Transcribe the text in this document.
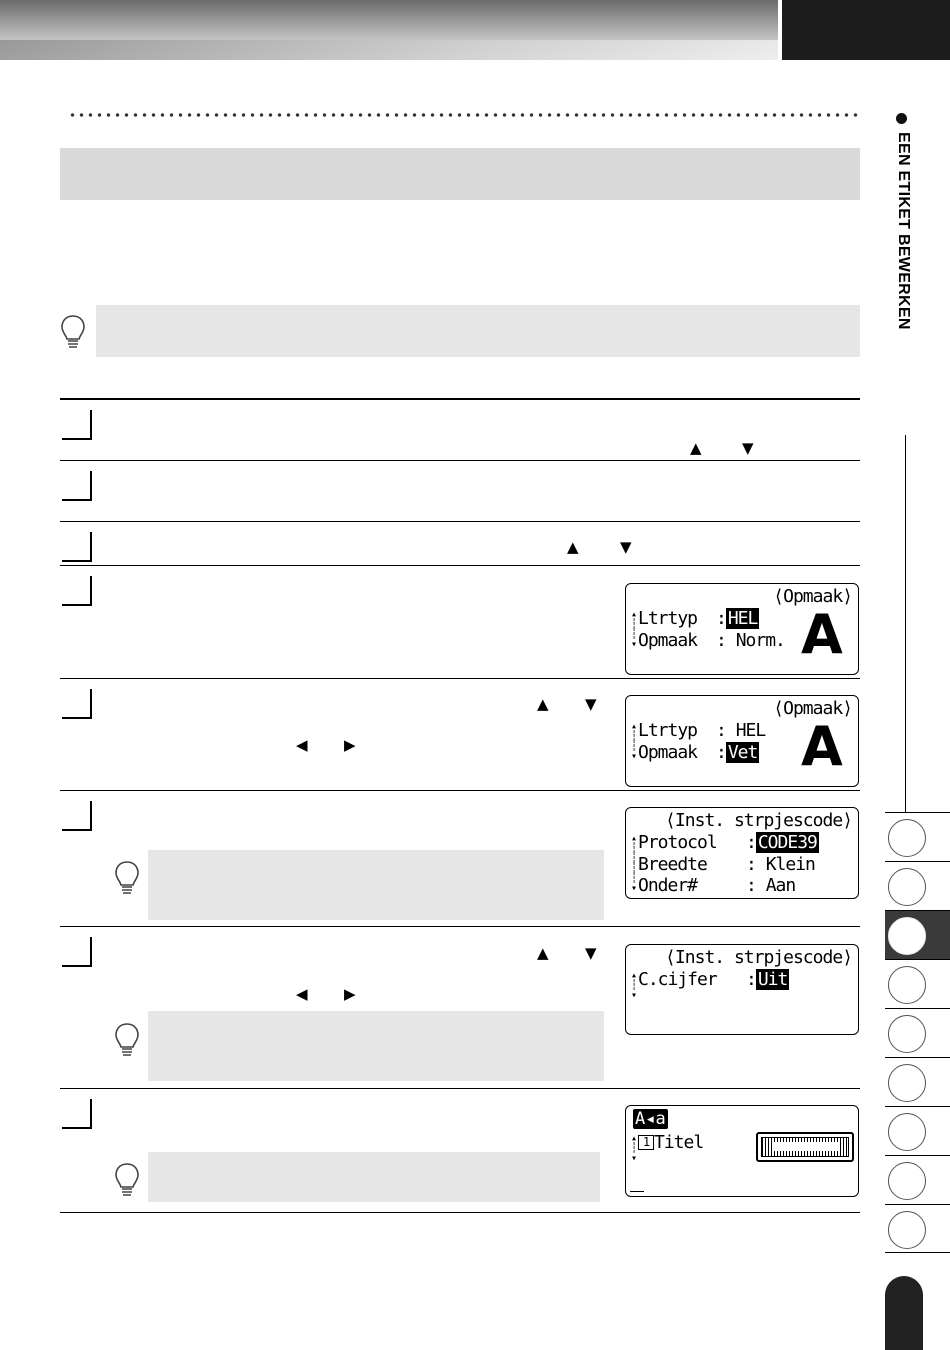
▲	▼
▲	▼
▲ ▼
◀ ▶
▲ ▼
◀ ▶
⟨Opmaak⟩
▴
┆
┆
▾
Ltrtyp : HEL
Opmaak : Norm. A
⟨Opmaak⟩
▴
┆
┆
▾
Ltrtyp : HEL
Opmaak : Vet A
⟨Inst. strpjescode⟩
▴
┆
┆
┆
┆
▾
Protocol : CODE39
Breedte : Klein
Onder#	: Aan
⟨Inst. strpjescode⟩
▴
┆
▾
C.cijfer : Uit
A◂a
▴
┆
▾
1 Titel
EEN ETIKET BEWERKEN
